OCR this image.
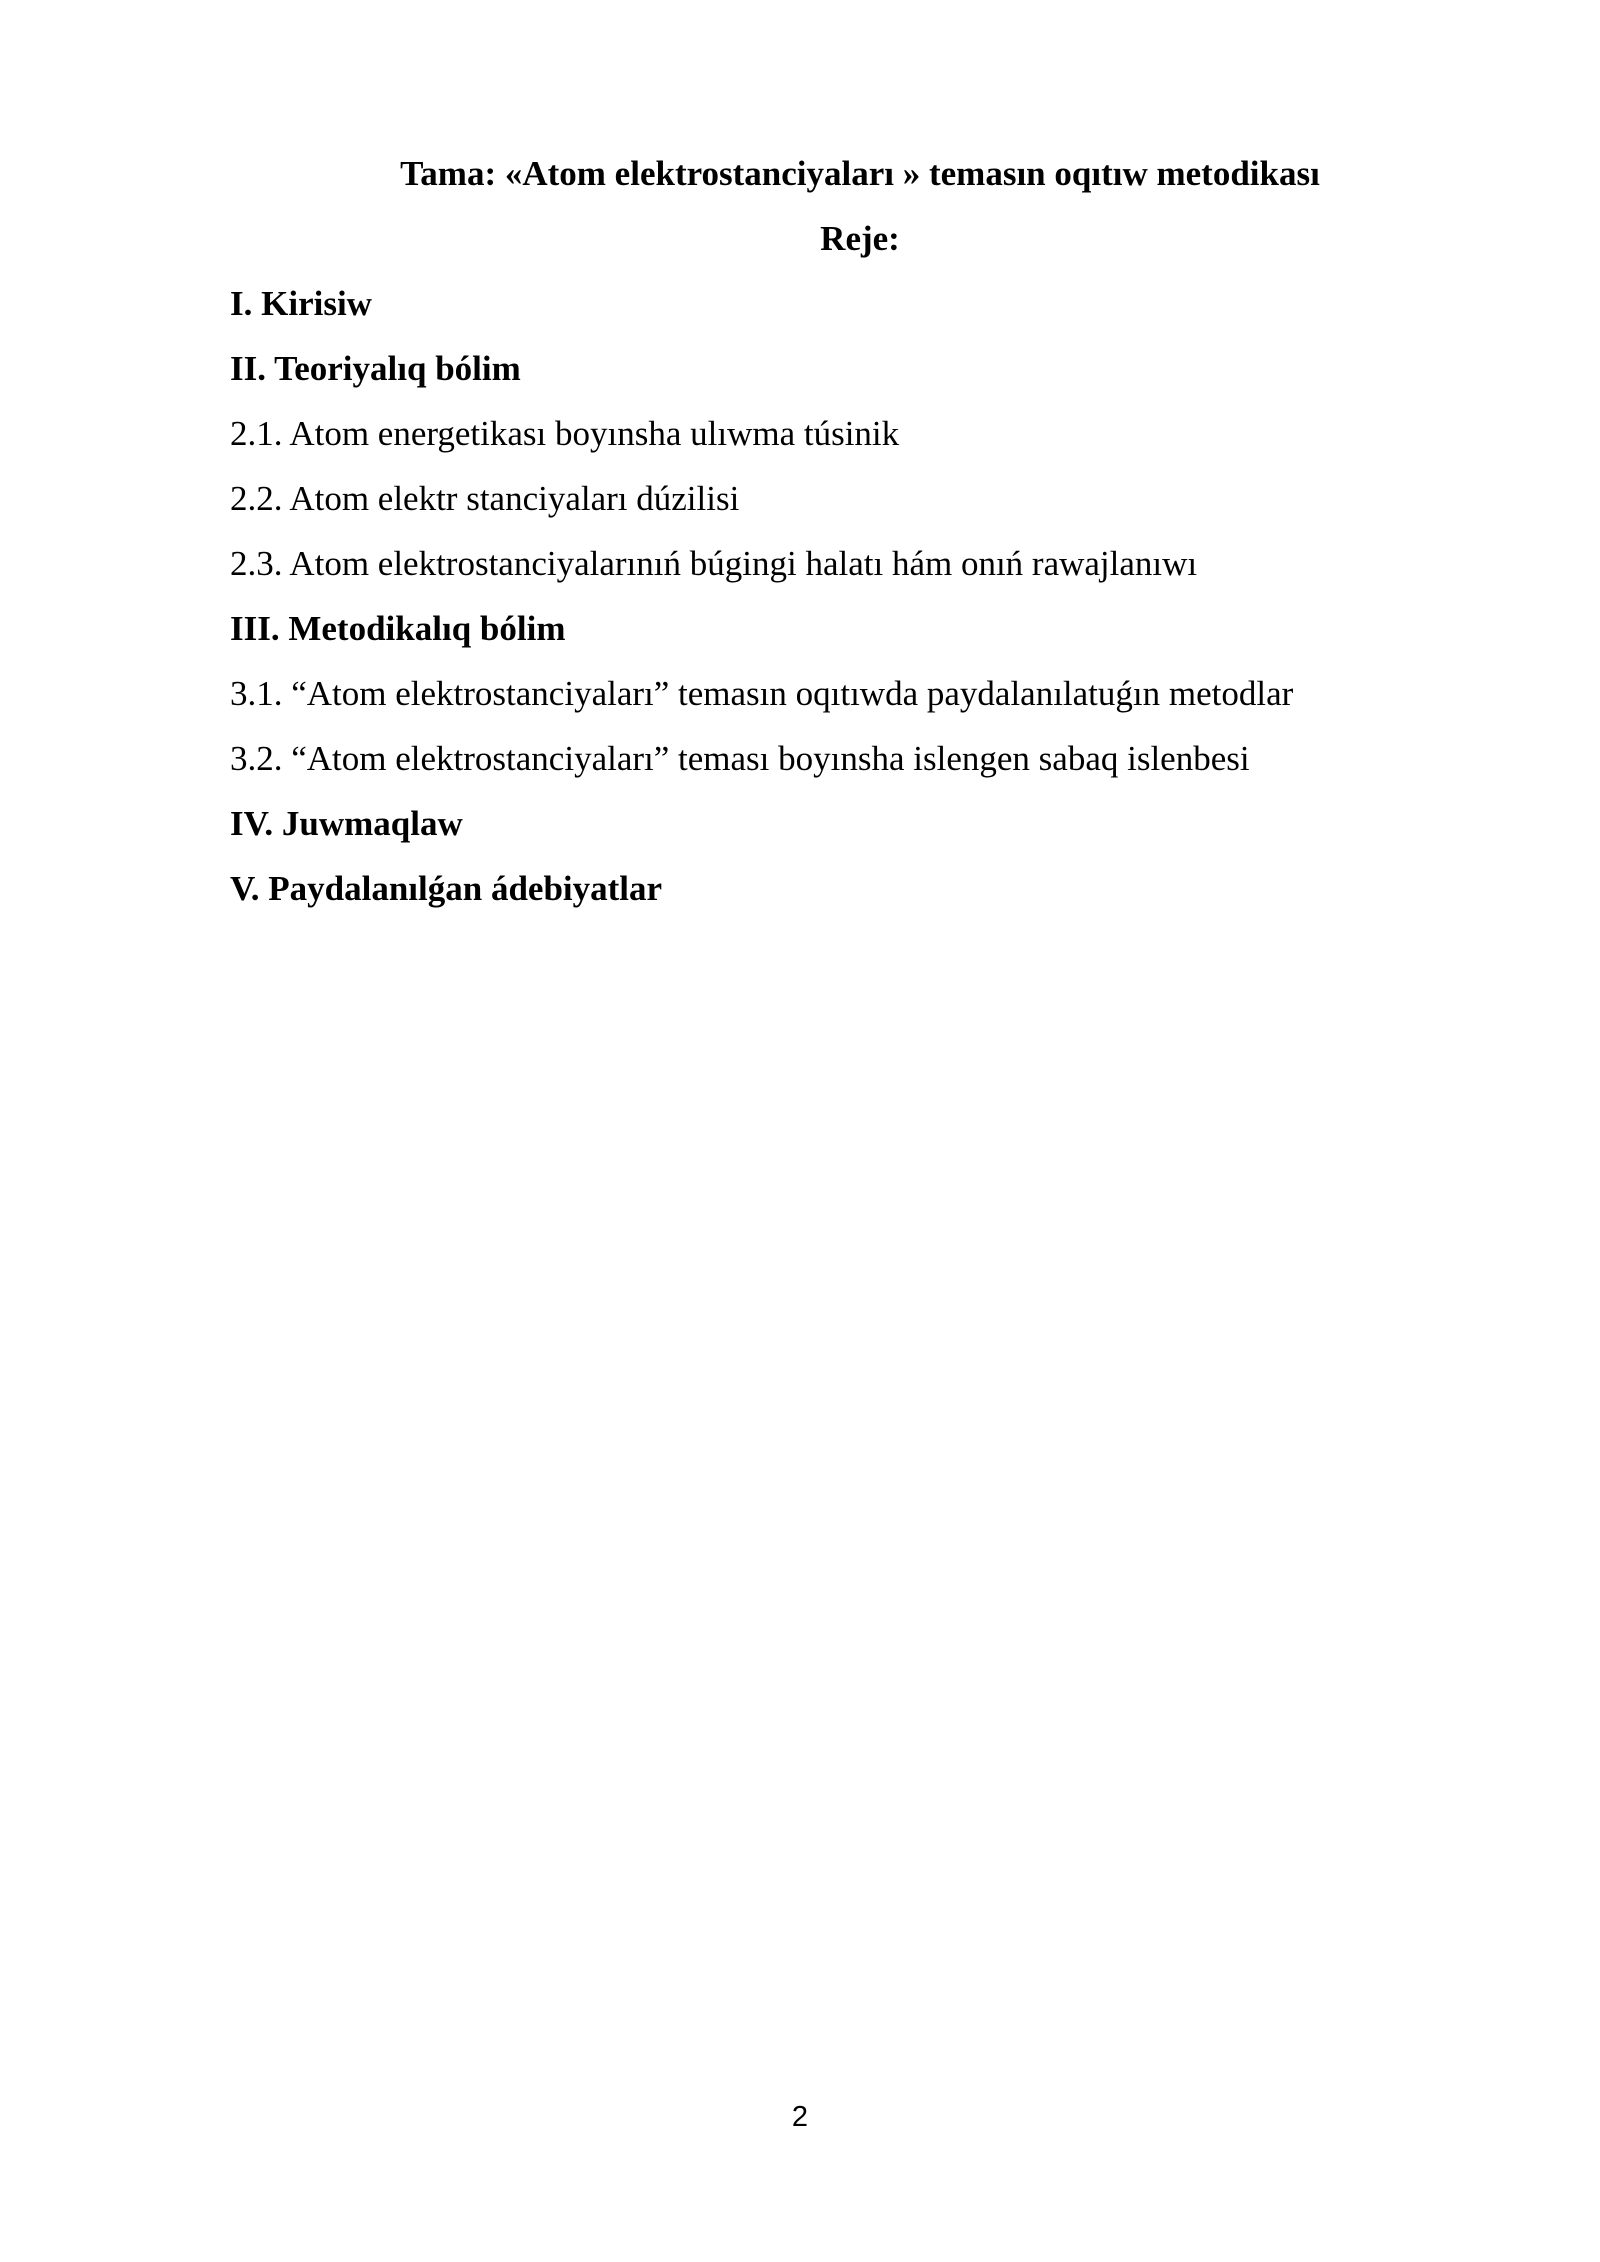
Tama: «Atom elektrostanciyaları » temasın oqıtıw metodikası
Reje:
I. Kirisiw
II. Teoriyalıq bólim
2.1. Atom energetikası boyınsha ulıwma túsinik
2.2. Atom elektr stanciyaları dúzilisi
2.3. Atom elektrostanciyalarınıń búgingi halatı hám onıń rawajlanıwı
III. Metodikalıq bólim
3.1. “Atom elektrostanciyaları” temasın oqıtıwda paydalanılatuǵın metodlar
3.2. “Atom elektrostanciyaları” teması boyınsha islengen sabaq islenbesi
IV. Juwmaqlaw
V. Paydalanılǵan ádebiyatlar
2
